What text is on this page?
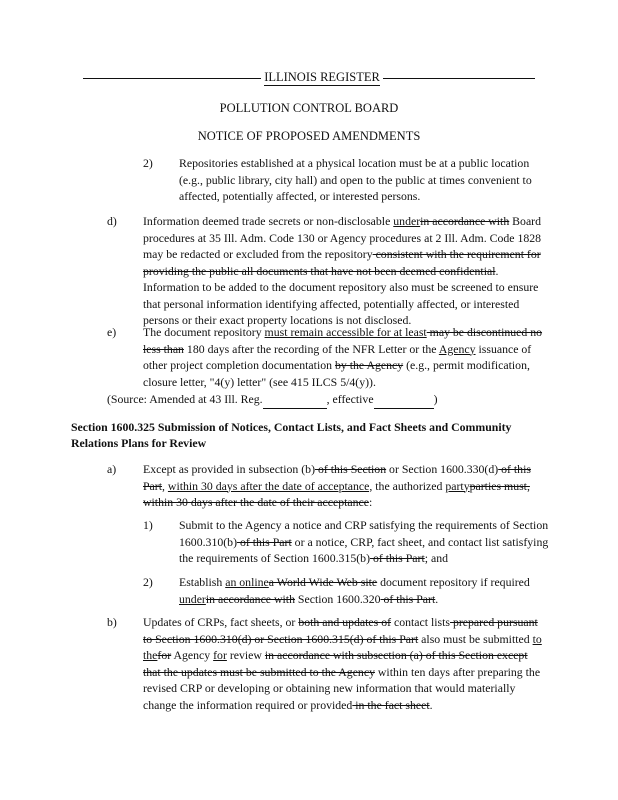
ILLINOIS REGISTER
POLLUTION CONTROL BOARD
NOTICE OF PROPOSED AMENDMENTS
2) Repositories established at a physical location must be at a public location (e.g., public library, city hall) and open to the public at times convenient to affected, potentially affected, or interested persons.
d) Information deemed trade secrets or non-disclosable underin accordance with Board procedures at 35 Ill. Adm. Code 130 or Agency procedures at 2 Ill. Adm. Code 1828 may be redacted or excluded from the repository consistent with the requirement for providing the public all documents that have not been deemed confidential. Information to be added to the document repository also must be screened to ensure that personal information identifying affected, potentially affected, or interested persons or their exact property locations is not disclosed.
e) The document repository must remain accessible for at least may be discontinued no less than 180 days after the recording of the NFR Letter or the Agency issuance of other project completion documentation by the Agency (e.g., permit modification, closure letter, "4(y) letter" (see 415 ILCS 5/4(y)).
(Source: Amended at 43 Ill. Reg.	, effective	)
Section 1600.325 Submission of Notices, Contact Lists, and Fact Sheets and Community Relations Plans for Review
a) Except as provided in subsection (b) of this Section or Section 1600.330(d) of this Part, within 30 days after the date of acceptance, the authorized partyparties must, within 30 days after the date of their acceptance:
1) Submit to the Agency a notice and CRP satisfying the requirements of Section 1600.310(b) of this Part or a notice, CRP, fact sheet, and contact list satisfying the requirements of Section 1600.315(b) of this Part; and
2) Establish an onlinea World Wide Web site document repository if required underin accordance with Section 1600.320 of this Part.
b) Updates of CRPs, fact sheets, or both and updates of contact lists prepared pursuant to Section 1600.310(d) or Section 1600.315(d) of this Part also must be submitted to thefor Agency for review in accordance with subsection (a) of this Section except that the updates must be submitted to the Agency within ten days after preparing the revised CRP or developing or obtaining new information that would materially change the information required or provided in the fact sheet.
